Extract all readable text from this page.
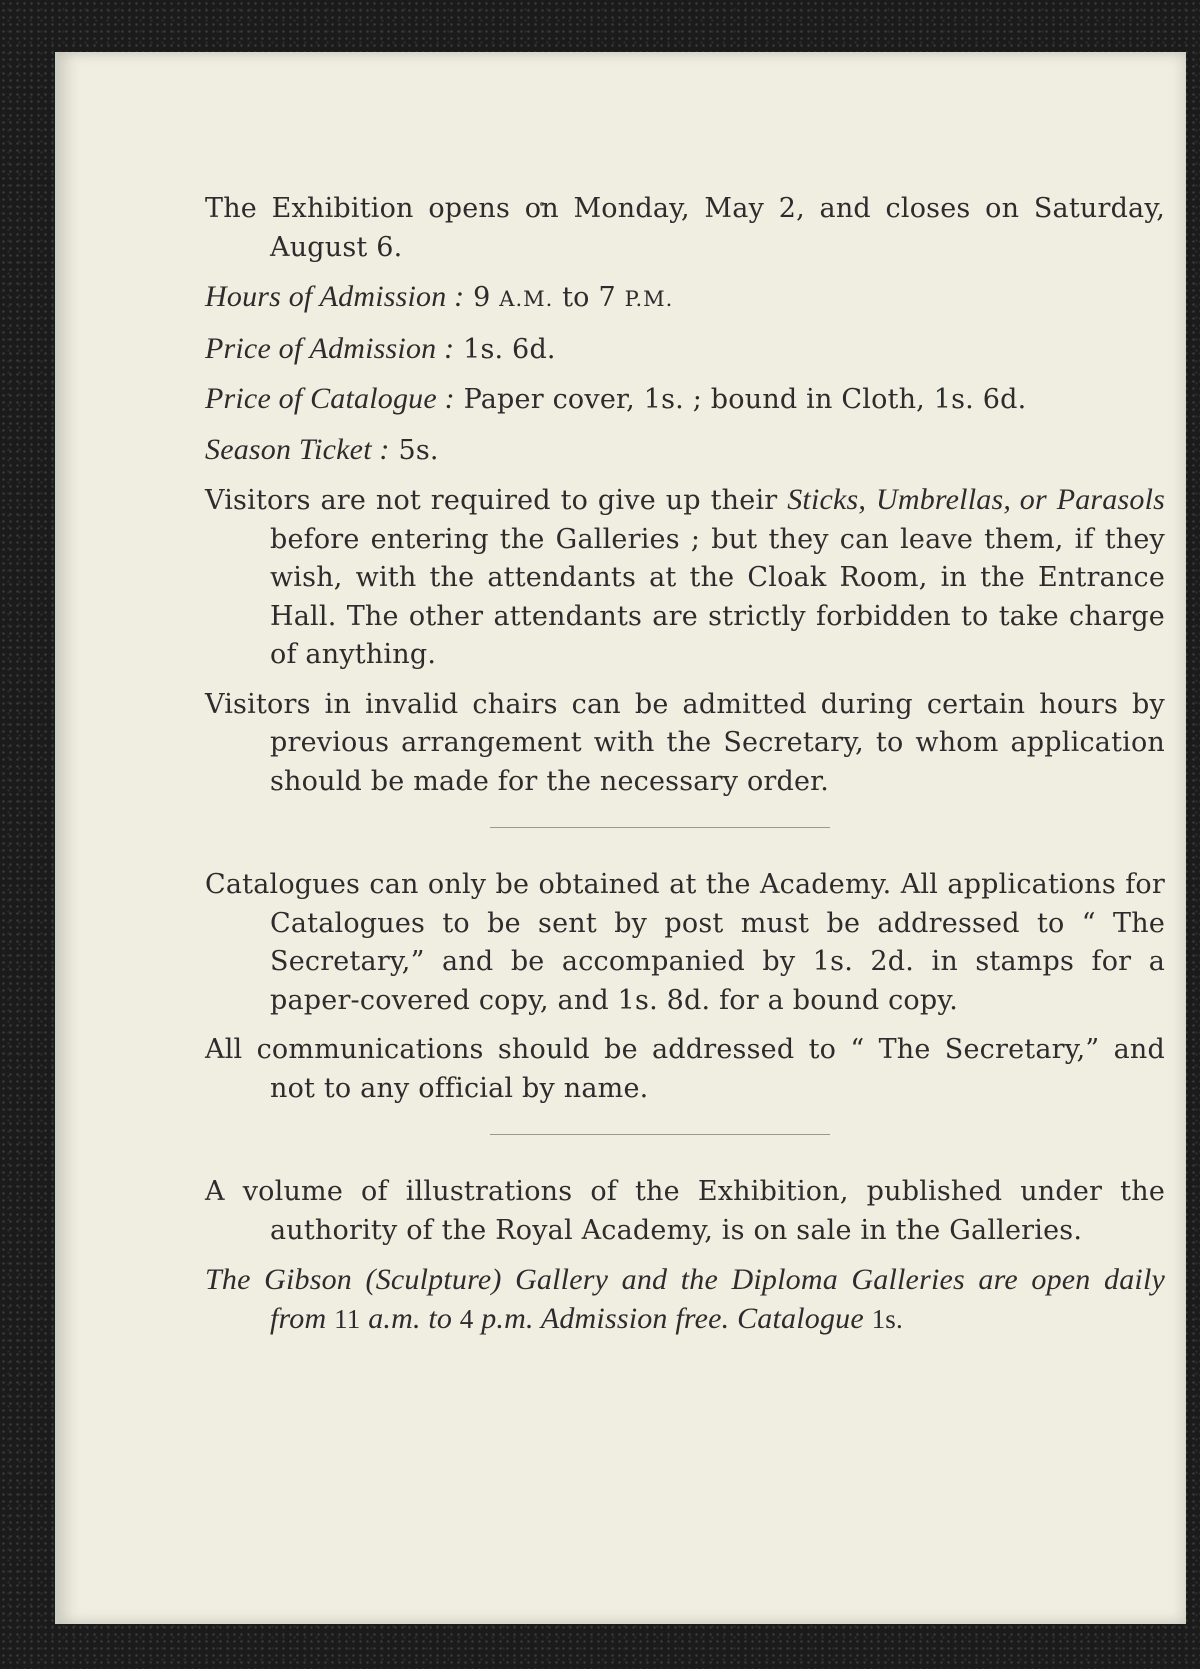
The Exhibition opens on Monday, May 2, and closes on Saturday, August 6.

Hours of Admission : 9 A.M. to 7 P.M.

Price of Admission : 1s. 6d.

Price of Catalogue : Paper cover, 1s. ; bound in Cloth, 1s. 6d.

Season Ticket : 5s.

Visitors are not required to give up their Sticks, Umbrellas, or Parasols before entering the Galleries ; but they can leave them, if they wish, with the attendants at the Cloak Room, in the Entrance Hall. The other attendants are strictly forbidden to take charge of anything.

Visitors in invalid chairs can be admitted during certain hours by previous arrangement with the Secretary, to whom application should be made for the necessary order.

Catalogues can only be obtained at the Academy. All applications for Catalogues to be sent by post must be addressed to “ The Secretary,” and be accompanied by 1s. 2d. in stamps for a paper-covered copy, and 1s. 8d. for a bound copy.

All communications should be addressed to “ The Secretary,” and not to any official by name.

A volume of illustrations of the Exhibition, published under the authority of the Royal Academy, is on sale in the Galleries.

The Gibson (Sculpture) Gallery and the Diploma Galleries are open daily from 11 a.m. to 4 p.m. Admission free. Catalogue 1s.
